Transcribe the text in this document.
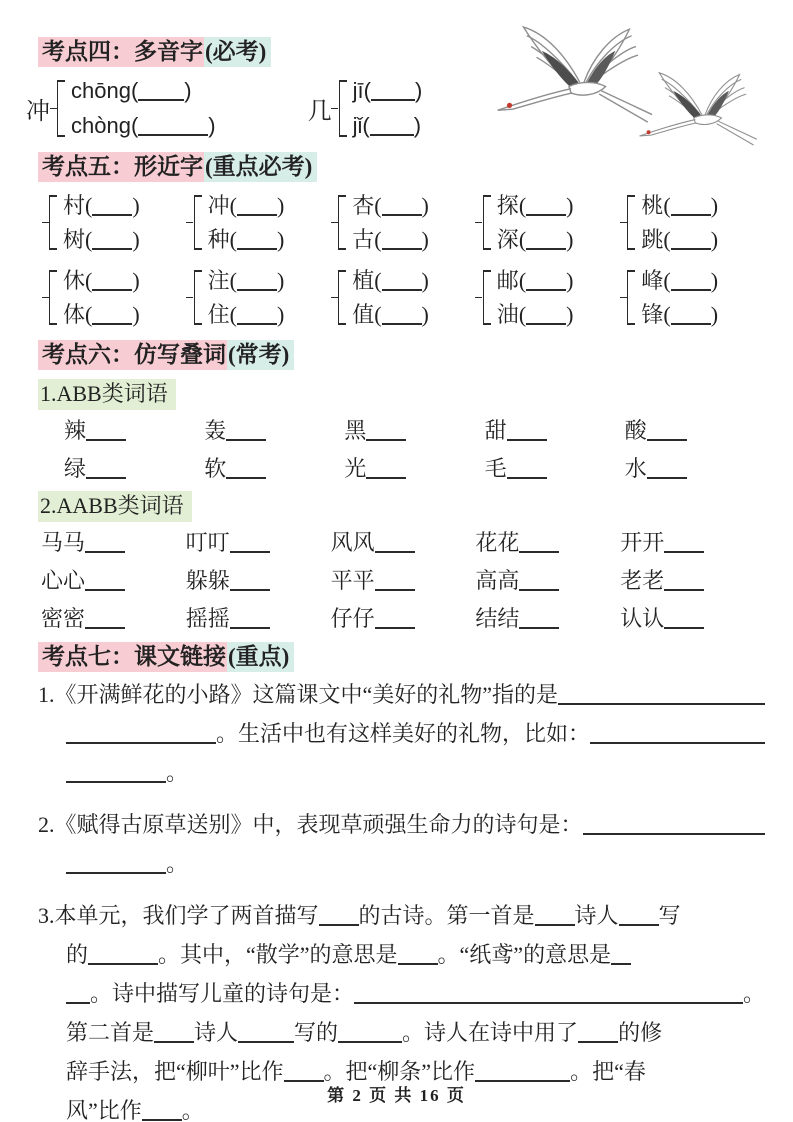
考点四：多音字(必考)
冲
chōng( )
chòng(	)
几
jī( )
jǐ( )
考点五：形近字(重点必考)
村( )
树( )
冲( )
种( )
杏( )
古( )
探( )
深( )
桃( )
跳( )
休( )
体( )
注( )
住( )
植( )
值( )
邮( )
油( )
峰( )
锋( )
考点六：仿写叠词(常考)
1.ABB类词语
辣	轰	黑	甜	酸
绿	软	光	毛	水
2.AABB类词语
马马	叮叮	风风	花花	开开
心心	躲躲	平平	高高	老老
密密	摇摇	仔仔	结结	认认
考点七：课文链接(重点)
1.《开满鲜花的小路》这篇课文中“美好的礼物”指的是
。生活中也有这样美好的礼物，比如：
。
2.《赋得古原草送别》中，表现草顽强生命力的诗句是：
。
3.本单元，我们学了两首描写 的古诗。第一首是 诗人 写
的	。其中，“散学”的意思是 。“纸鸢”的意思是
。诗中描写儿童的诗句是：	。
第二首是 诗人	写的	。诗人在诗中用了 的修
辞手法，把“柳叶”比作 。把“柳条”比作	。把“春
风”比作 。
第 2 页 共 16 页
